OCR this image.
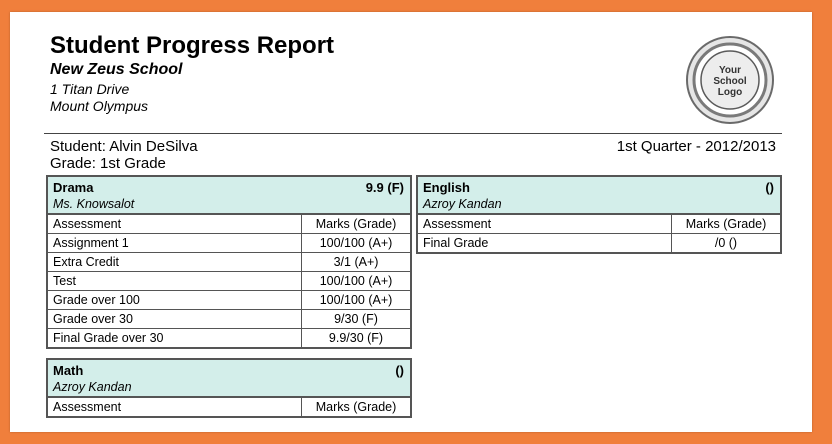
Student Progress Report
New Zeus School
1 Titan Drive
Mount Olympus
Your
School
Logo
Student: Alvin DeSilva
Grade: 1st Grade
1st Quarter - 2012/2013
Drama	9.9 (F)
Ms. Knowsalot
Assessment	Marks (Grade)
Assignment 1	100/100 (A+)
Extra Credit	3/1 (A+)
Test	100/100 (A+)
Grade over 100	100/100 (A+)
Grade over 30	9/30 (F)
Final Grade over 30	9.9/30 (F)
Math	()
Azroy Kandan
Assessment	Marks (Grade)
English	()
Azroy Kandan
Assessment	Marks (Grade)
Final Grade	/0 ()
